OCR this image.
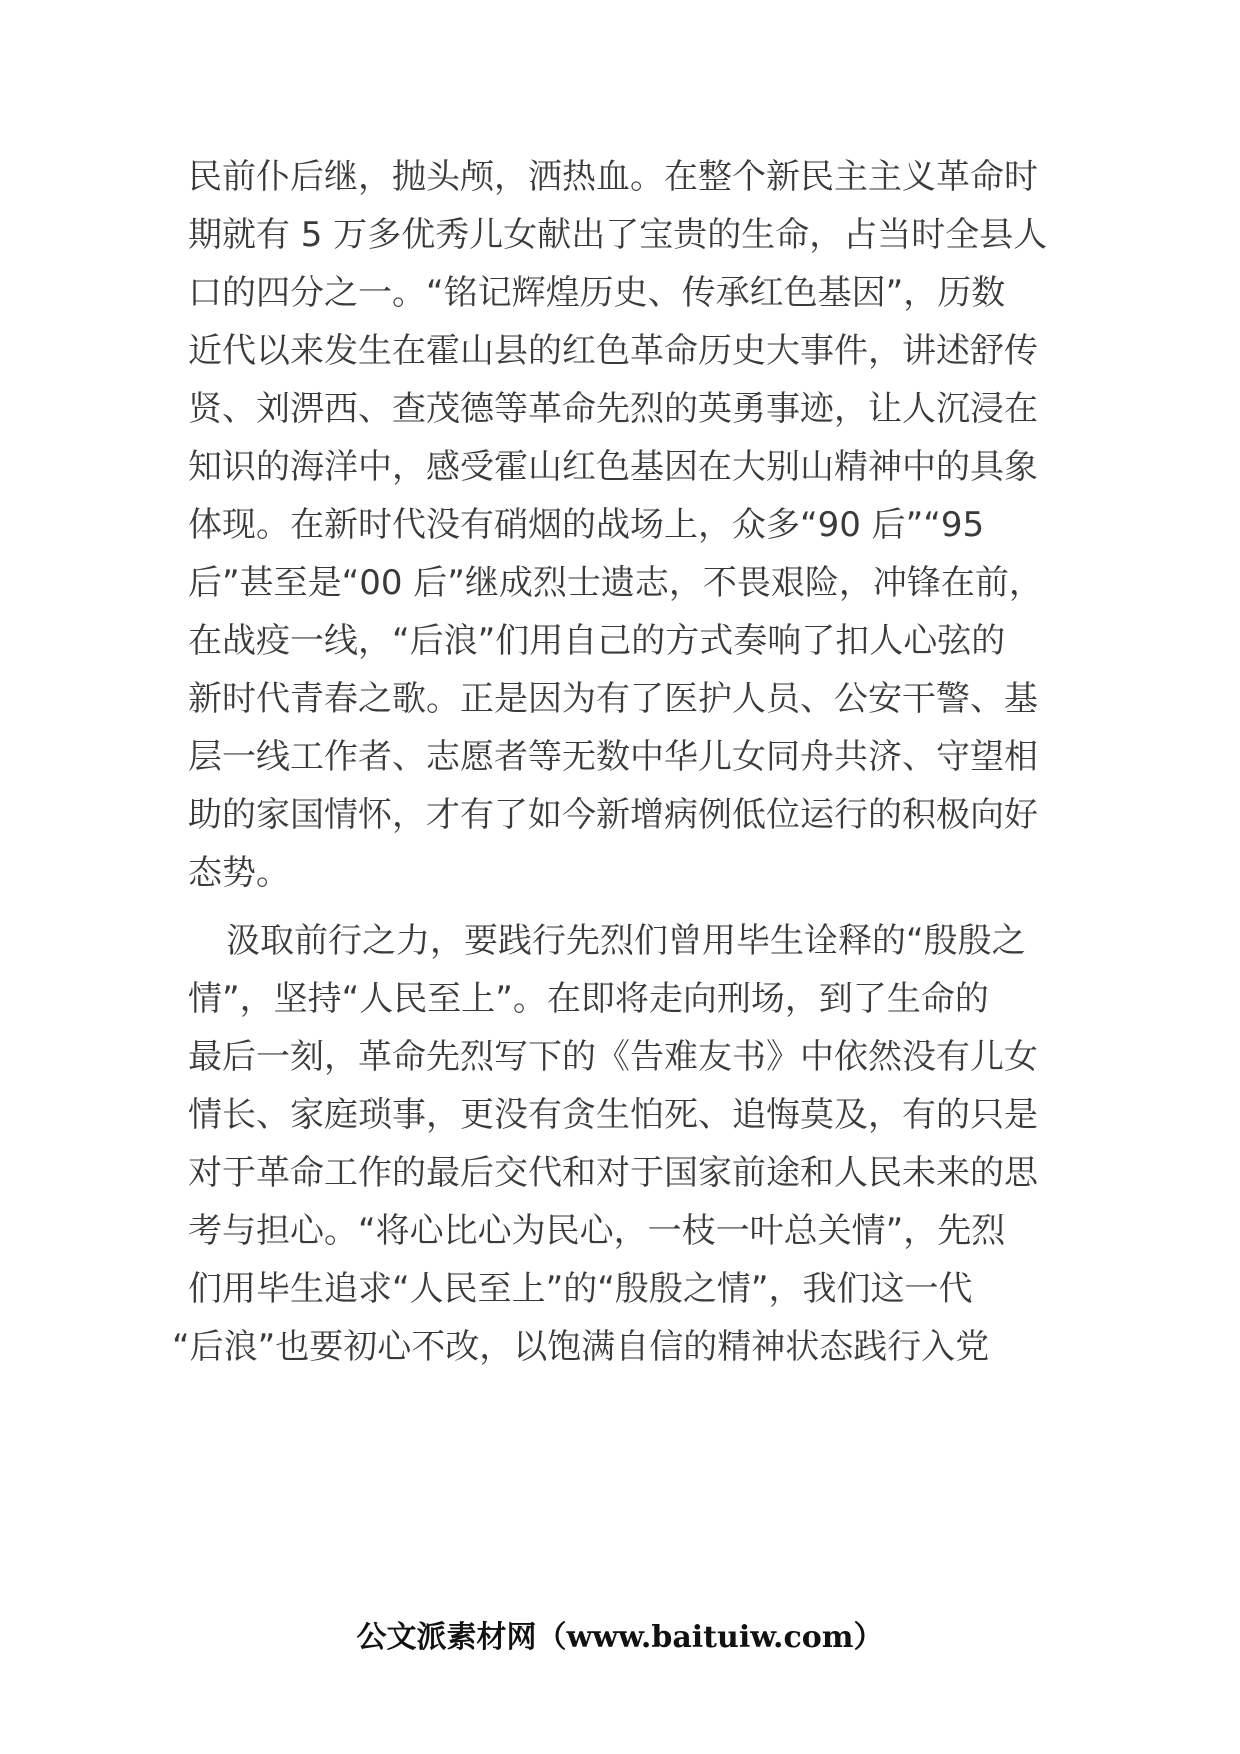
民前仆后继，抛头颅，洒热血。在整个新民主主义革命时
期就有 5 万多优秀儿女献出了宝贵的生命，占当时全县人
口的四分之一。“铭记辉煌历史、传承红色基因”，历数
近代以来发生在霍山县的红色革命历史大事件，讲述舒传
贤、刘淠西、查茂德等革命先烈的英勇事迹，让人沉浸在
知识的海洋中，感受霍山红色基因在大别山精神中的具象
体现。在新时代没有硝烟的战场上，众多“90 后”“95
后”甚至是“00 后”继成烈士遗志，不畏艰险，冲锋在前，
在战疫一线，“后浪”们用自己的方式奏响了扣人心弦的
新时代青春之歌。正是因为有了医护人员、公安干警、基
层一线工作者、志愿者等无数中华儿女同舟共济、守望相
助的家国情怀，才有了如今新增病例低位运行的积极向好
态势。
汲取前行之力，要践行先烈们曾用毕生诠释的“殷殷之
情”，坚持“人民至上”。在即将走向刑场，到了生命的
最后一刻，革命先烈写下的《告难友书》中依然没有儿女
情长、家庭琐事，更没有贪生怕死、追悔莫及，有的只是
对于革命工作的最后交代和对于国家前途和人民未来的思
考与担心。“将心比心为民心，一枝一叶总关情”，先烈
们用毕生追求“人民至上”的“殷殷之情”，我们这一代
“后浪”也要初心不改，以饱满自信的精神状态践行入党
公文派素材网（www.baituiw.com）
